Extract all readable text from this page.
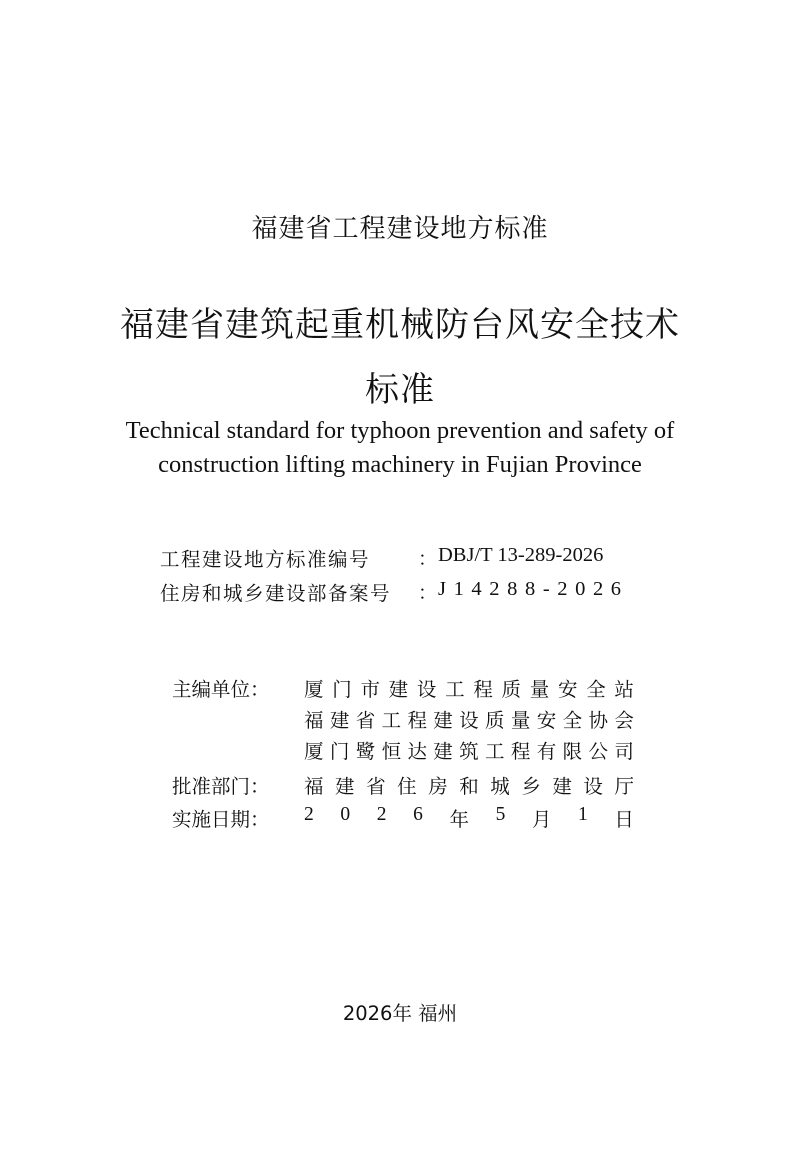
福建省工程建设地方标准
福建省建筑起重机械防台风安全技术
标准
Technical standard for typhoon prevention and safety of
construction lifting machinery in Fujian Province
工程建设地方标准编号	： DBJ/T 13-289-2026
住房和城乡建设部备案号 ： J14288-2026
主编单位： 厦 门 市 建 设 工 程 质 量 安 全 站
福 建 省 工 程 建 设 质 量 安 全 协 会
厦 门 鹭 恒 达 建 筑 工 程 有 限 公 司
批准部门： 福 建 省 住 房 和 城 乡 建 设 厅
实施日期： 2 0 2 6 年 5 月 1 日
2026年 福州
